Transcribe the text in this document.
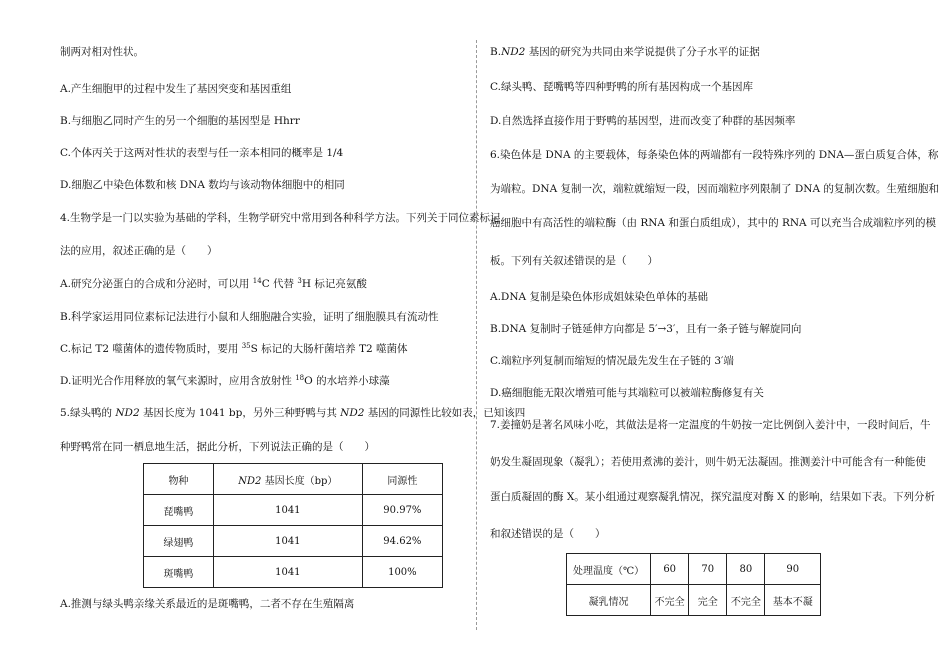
制两对相对性状。
A.产生细胞甲的过程中发生了基因突变和基因重组
B.与细胞乙同时产生的另一个细胞的基因型是 Hhrr
C.个体丙关于这两对性状的表型与任一亲本相同的概率是 1/4
D.细胞乙中染色体数和核 DNA 数均与该动物体细胞中的相同
4.生物学是一门以实验为基础的学科，生物学研究中常用到各种科学方法。下列关于同位素标记
法的应用，叙述正确的是（　　）
A.研究分泌蛋白的合成和分泌时，可以用 $^{14}$C 代替 $^3$H 标记亮氨酸
B.科学家运用同位素标记法进行小鼠和人细胞融合实验，证明了细胞膜具有流动性
C.标记 T2 噬菌体的遗传物质时，要用 $^{35}$S 标记的大肠杆菌培养 T2 噬菌体
D.证明光合作用释放的氧气来源时，应用含放射性 $^{18}$O 的水培养小球藻
5.绿头鸭的 ND2 基因长度为 1041 bp，另外三种野鸭与其 ND2 基因的同源性比较如表，已知该四
种野鸭常在同一栖息地生活，据此分析，下列说法正确的是（　　）
物种	ND2 基因长度（bp）	同源性
琵嘴鸭	1041	90.97%
绿翅鸭	1041	94.62%
斑嘴鸭	1041	100%
A.推测与绿头鸭亲缘关系最近的是斑嘴鸭，二者不存在生殖隔离
B.ND2 基因的研究为共同由来学说提供了分子水平的证据
C.绿头鸭、琵嘴鸭等四种野鸭的所有基因构成一个基因库
D.自然选择直接作用于野鸭的基因型，进而改变了种群的基因频率
6.染色体是 DNA 的主要载体，每条染色体的两端都有一段特殊序列的 DNA—蛋白质复合体，称
为端粒。DNA 复制一次，端粒就缩短一段，因而端粒序列限制了 DNA 的复制次数。生殖细胞和
癌细胞中有高活性的端粒酶（由 RNA 和蛋白质组成），其中的 RNA 可以充当合成端粒序列的模
板。下列有关叙述错误的是（　　）
A.DNA 复制是染色体形成姐妹染色单体的基础
B.DNA 复制时子链延伸方向都是 5′→3′，且有一条子链与解旋同向
C.端粒序列复制而缩短的情况最先发生在子链的 3′端
D.癌细胞能无限次增殖可能与其端粒可以被端粒酶修复有关
7.姜撞奶是著名风味小吃，其做法是将一定温度的牛奶按一定比例倒入姜汁中，一段时间后，牛
奶发生凝固现象（凝乳）；若使用煮沸的姜汁，则牛奶无法凝固。推测姜汁中可能含有一种能使
蛋白质凝固的酶 X。某小组通过观察凝乳情况，探究温度对酶 X 的影响，结果如下表。下列分析
和叙述错误的是（　　）
处理温度（℃）	60	70	80	90
凝乳情况	不完全	完全	不完全	基本不凝
